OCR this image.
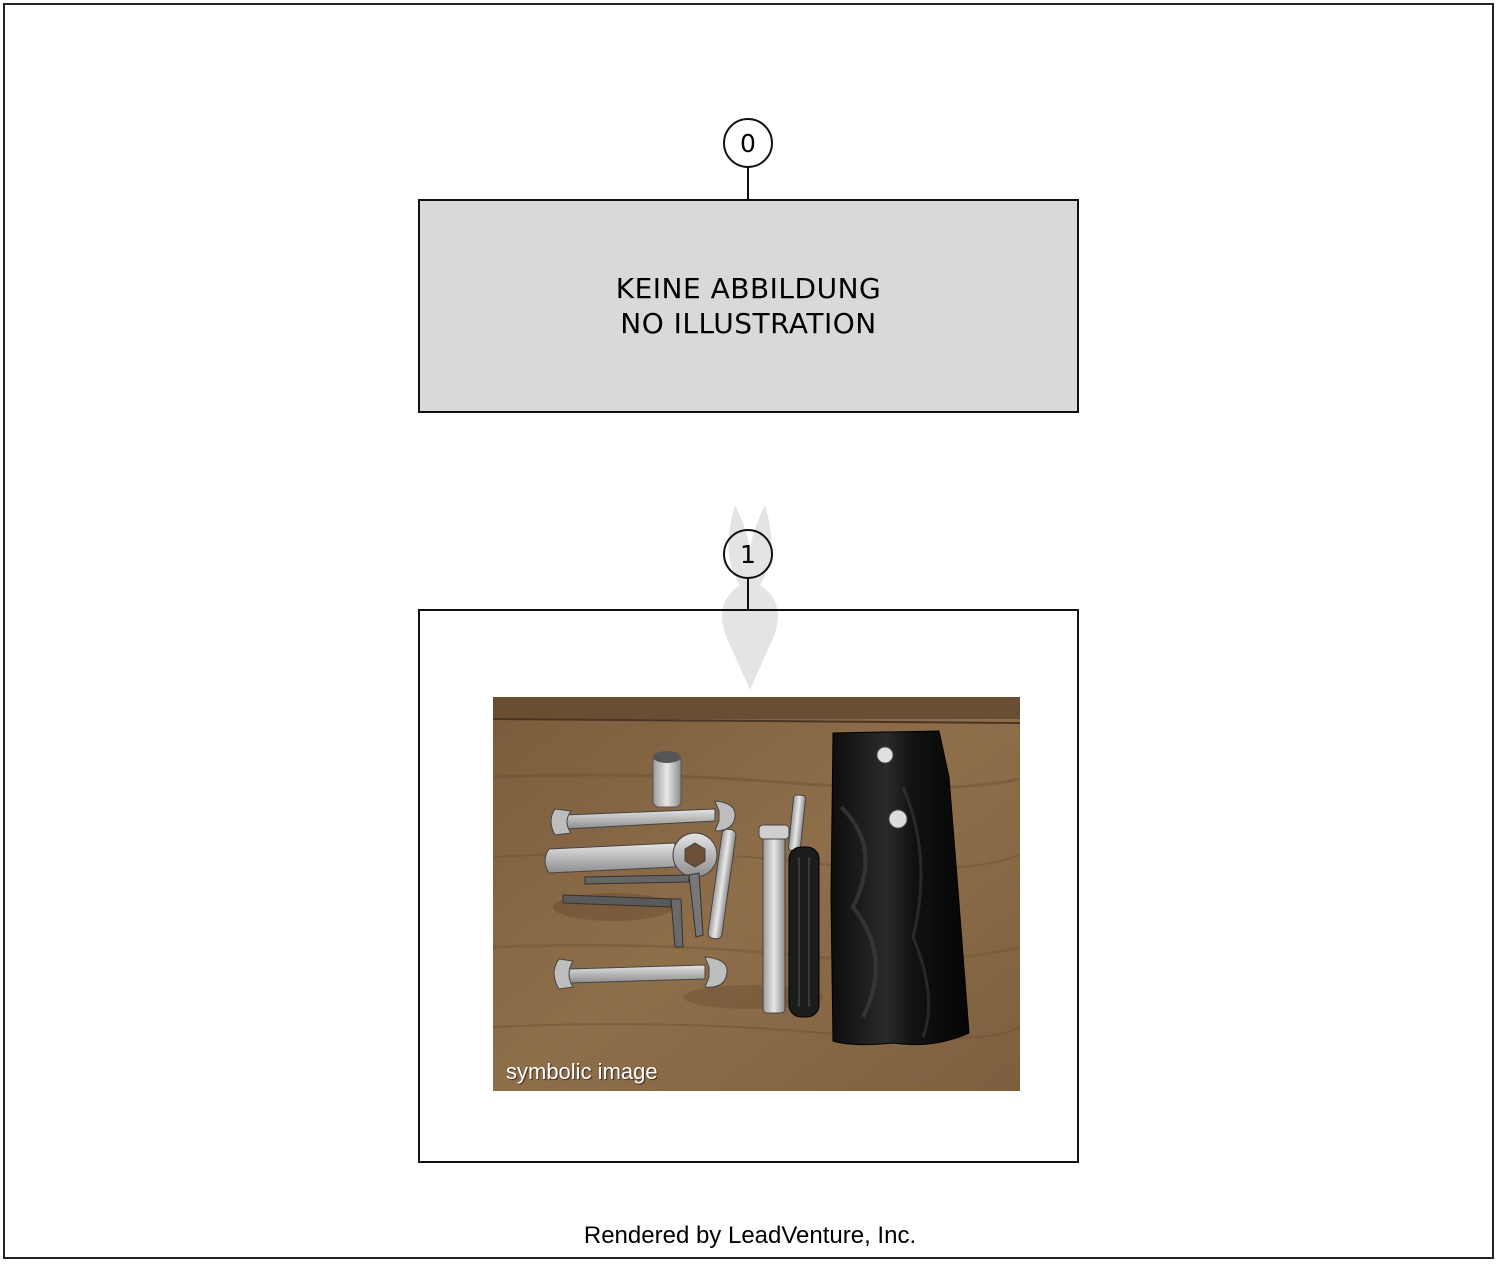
0
KEINE ABBILDUNG
NO ILLUSTRATION
1
symbolic image
Rendered by LeadVenture, Inc.
